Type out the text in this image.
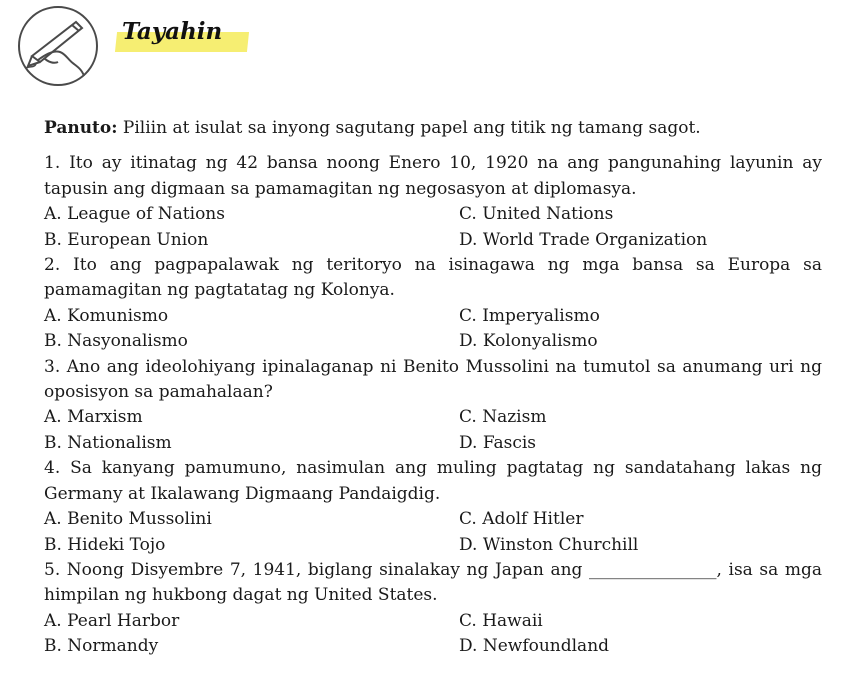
Tayahin
Panuto: Piliin at isulat sa inyong sagutang papel ang titik ng tamang sagot.
1. Ito ay itinatag ng 42 bansa noong Enero 10, 1920 na ang pangunahing layunin ay tapusin ang digmaan sa pamamagitan ng negosasyon at diplomasya.
A. League of Nations	C. United Nations
B. European Union	D. World Trade Organization
2. Ito ang pagpapalawak ng teritoryo na isinagawa ng mga bansa sa Europa sa pamamagitan ng pagtatatag ng Kolonya.
A. Komunismo	C. Imperyalismo
B. Nasyonalismo	D. Kolonyalismo
3. Ano ang ideolohiyang ipinalaganap ni Benito Mussolini na tumutol sa anumang uri ng oposisyon sa pamahalaan?
A. Marxism	C. Nazism
B. Nationalism	D. Fascis
4. Sa kanyang pamumuno, nasimulan ang muling pagtatag ng sandatahang lakas ng Germany at Ikalawang Digmaang Pandaigdig.
A. Benito Mussolini	C. Adolf Hitler
B. Hideki Tojo	D. Winston Churchill
5. Noong Disyembre 7, 1941, biglang sinalakay ng Japan ang _______________, isa sa mga himpilan ng hukbong dagat ng United States.
A. Pearl Harbor	C. Hawaii
B. Normandy	D. Newfoundland
